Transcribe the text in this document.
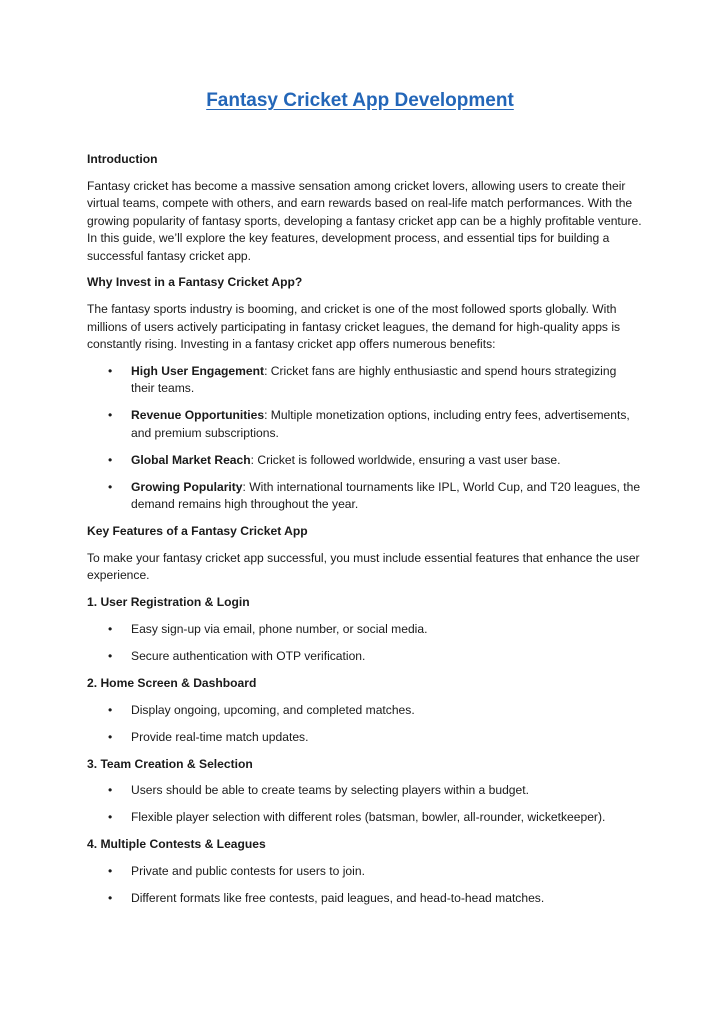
Fantasy Cricket App Development

Introduction

Fantasy cricket has become a massive sensation among cricket lovers, allowing users to create their virtual teams, compete with others, and earn rewards based on real-life match performances. With the growing popularity of fantasy sports, developing a fantasy cricket app can be a highly profitable venture. In this guide, we’ll explore the key features, development process, and essential tips for building a successful fantasy cricket app.

Why Invest in a Fantasy Cricket App?

The fantasy sports industry is booming, and cricket is one of the most followed sports globally. With millions of users actively participating in fantasy cricket leagues, the demand for high-quality apps is constantly rising. Investing in a fantasy cricket app offers numerous benefits:

• High User Engagement: Cricket fans are highly enthusiastic and spend hours strategizing their teams.
• Revenue Opportunities: Multiple monetization options, including entry fees, advertisements, and premium subscriptions.
• Global Market Reach: Cricket is followed worldwide, ensuring a vast user base.
• Growing Popularity: With international tournaments like IPL, World Cup, and T20 leagues, the demand remains high throughout the year.

Key Features of a Fantasy Cricket App

To make your fantasy cricket app successful, you must include essential features that enhance the user experience.

1. User Registration & Login

• Easy sign-up via email, phone number, or social media.
• Secure authentication with OTP verification.

2. Home Screen & Dashboard

• Display ongoing, upcoming, and completed matches.
• Provide real-time match updates.

3. Team Creation & Selection

• Users should be able to create teams by selecting players within a budget.
• Flexible player selection with different roles (batsman, bowler, all-rounder, wicketkeeper).

4. Multiple Contests & Leagues

• Private and public contests for users to join.
• Different formats like free contests, paid leagues, and head-to-head matches.
